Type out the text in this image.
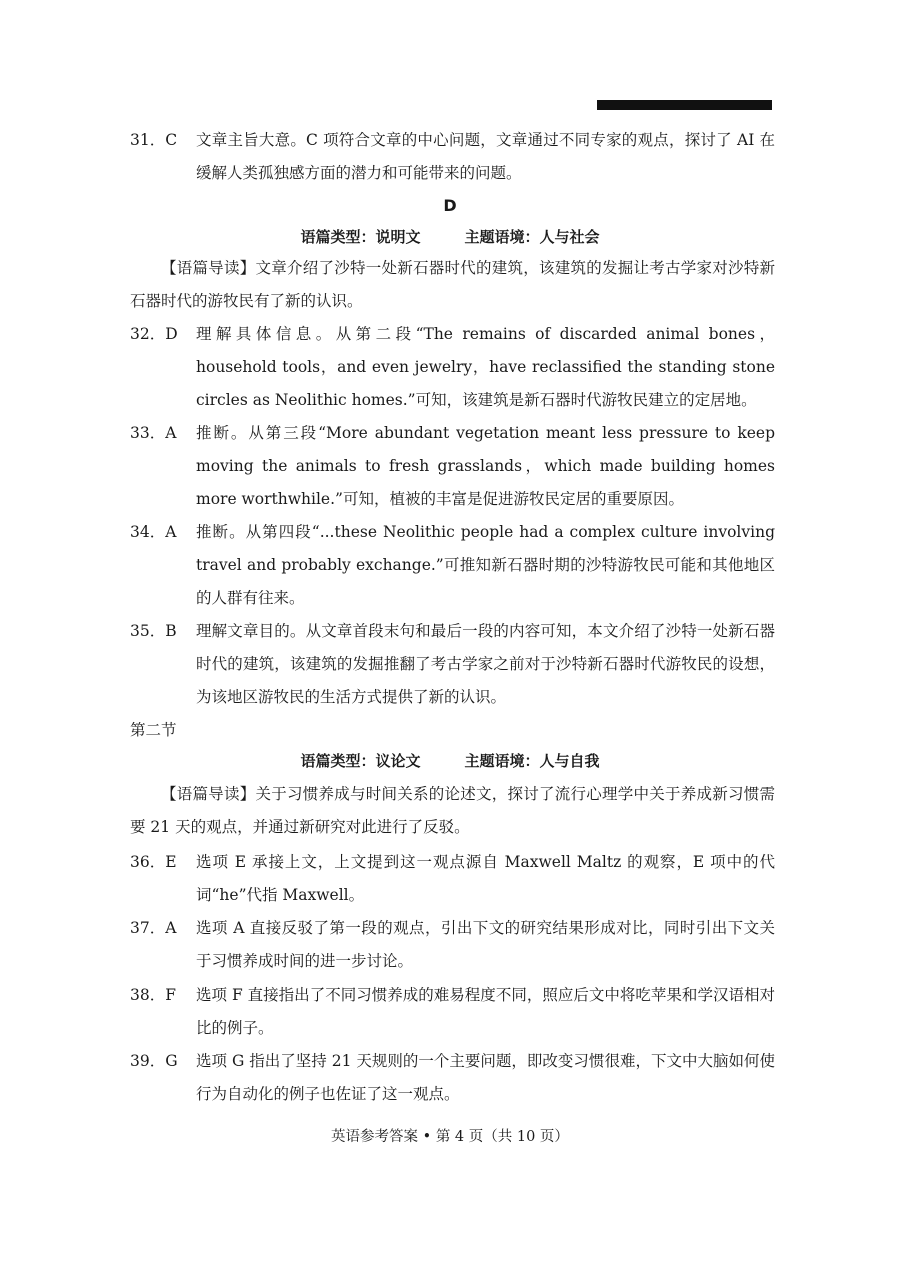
31．C	文章主旨大意。C 项符合文章的中心问题，文章通过不同专家的观点，探讨了 AI 在缓解人类孤独感方面的潜力和可能带来的问题。
D
语篇类型：说明文	主题语境：人与社会
【语篇导读】文章介绍了沙特一处新石器时代的建筑，该建筑的发掘让考古学家对沙特新石器时代的游牧民有了新的认识。
32．D	理解具体信息。从第二段“The remains of discarded animal bones，household tools，and even jewelry，have reclassified the standing stone circles as Neolithic homes.”可知，该建筑是新石器时代游牧民建立的定居地。
33．A	推断。从第三段“More abundant vegetation meant less pressure to keep moving the animals to fresh grasslands，which made building homes more worthwhile.”可知，植被的丰富是促进游牧民定居的重要原因。
34．A	推断。从第四段“...these Neolithic people had a complex culture involving travel and probably exchange.”可推知新石器时期的沙特游牧民可能和其他地区的人群有往来。
35．B	理解文章目的。从文章首段末句和最后一段的内容可知，本文介绍了沙特一处新石器时代的建筑，该建筑的发掘推翻了考古学家之前对于沙特新石器时代游牧民的设想，为该地区游牧民的生活方式提供了新的认识。
第二节
语篇类型：议论文	主题语境：人与自我
【语篇导读】关于习惯养成与时间关系的论述文，探讨了流行心理学中关于养成新习惯需要 21 天的观点，并通过新研究对此进行了反驳。
36．E	选项 E 承接上文，上文提到这一观点源自 Maxwell Maltz 的观察，E 项中的代词“he”代指 Maxwell。
37．A	选项 A 直接反驳了第一段的观点，引出下文的研究结果形成对比，同时引出下文关于习惯养成时间的进一步讨论。
38．F	选项 F 直接指出了不同习惯养成的难易程度不同，照应后文中将吃苹果和学汉语相对比的例子。
39．G	选项 G 指出了坚持 21 天规则的一个主要问题，即改变习惯很难，下文中大脑如何使行为自动化的例子也佐证了这一观点。
英语参考答案 • 第 4 页（共 10 页）
